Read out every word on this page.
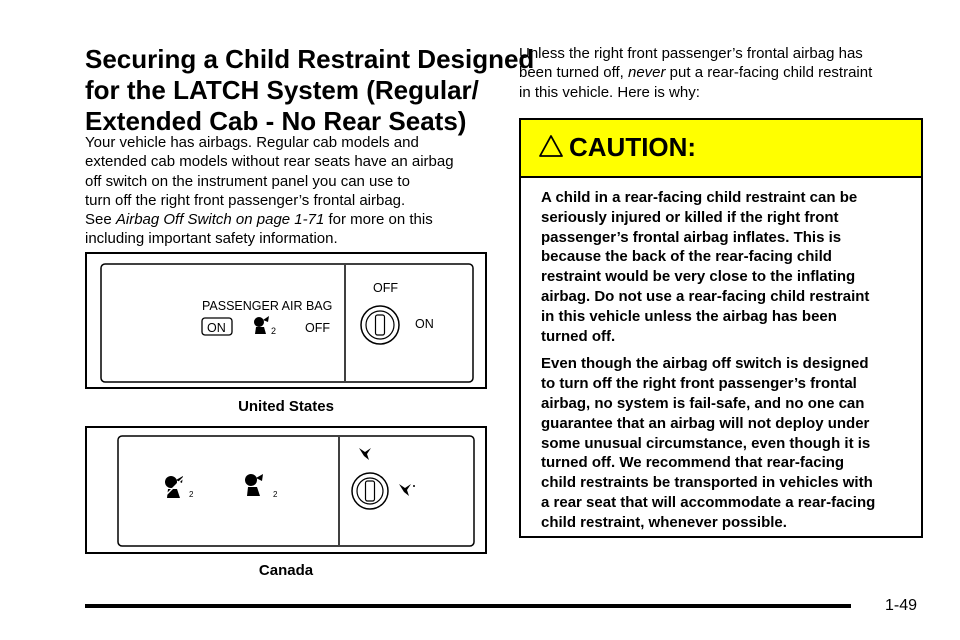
Securing a Child Restraint Designed
for the LATCH System (Regular/
Extended Cab - No Rear Seats)
Your vehicle has airbags. Regular cab models and
extended cab models without rear seats have an airbag
off switch on the instrument panel you can use to
turn off the right front passenger’s frontal airbag.
See Airbag Off Switch on page 1-71 for more on this
including important safety information.
PASSENGER AIR BAG
ON	2 OFF
OFF
ON
United States
2	2
Canada
Unless the right front passenger’s frontal airbag has
been turned off, never put a rear-facing child restraint
in this vehicle. Here is why:
CAUTION:
A child in a rear-facing child restraint can be
seriously injured or killed if the right front
passenger’s frontal airbag inflates. This is
because the back of the rear-facing child
restraint would be very close to the inflating
airbag. Do not use a rear-facing child restraint
in this vehicle unless the airbag has been
turned off.
Even though the airbag off switch is designed
to turn off the right front passenger’s frontal
airbag, no system is fail-safe, and no one can
guarantee that an airbag will not deploy under
some unusual circumstance, even though it is
turned off. We recommend that rear-facing
child restraints be transported in vehicles with
a rear seat that will accommodate a rear-facing
child restraint, whenever possible.
1-49
